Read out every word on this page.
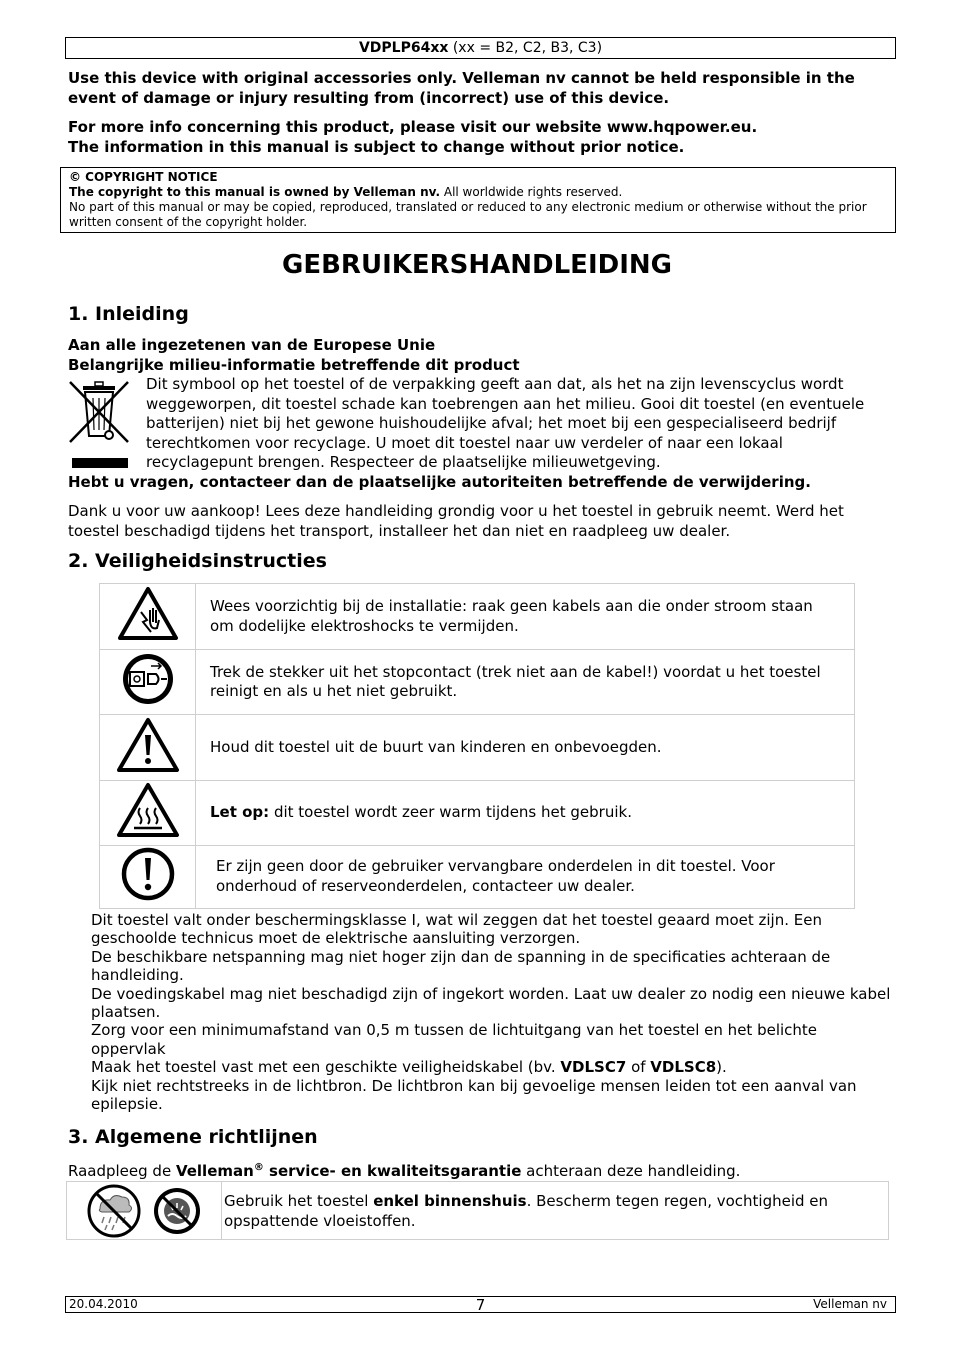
VDPLP64xx (xx = B2, C2, B3, C3)
Use this device with original accessories only. Velleman nv cannot be held responsible in the event of damage or injury resulting from (incorrect) use of this device.
For more info concerning this product, please visit our website www.hqpower.eu.
The information in this manual is subject to change without prior notice.
© COPYRIGHT NOTICE
The copyright to this manual is owned by Velleman nv. All worldwide rights reserved.
No part of this manual or may be copied, reproduced, translated or reduced to any electronic medium or otherwise without the prior written consent of the copyright holder.
GEBRUIKERSHANDLEIDING
1. Inleiding
Aan alle ingezetenen van de Europese Unie
Belangrijke milieu-informatie betreffende dit product
Dit symbool op het toestel of de verpakking geeft aan dat, als het na zijn levenscyclus wordt weggeworpen, dit toestel schade kan toebrengen aan het milieu. Gooi dit toestel (en eventuele batterijen) niet bij het gewone huishoudelijke afval; het moet bij een gespecialiseerd bedrijf terechtkomen voor recyclage. U moet dit toestel naar uw verdeler of naar een lokaal recyclagepunt brengen. Respecteer de plaatselijke milieuwetgeving.
Hebt u vragen, contacteer dan de plaatselijke autoriteiten betreffende de verwijdering.
Dank u voor uw aankoop! Lees deze handleiding grondig voor u het toestel in gebruik neemt. Werd het toestel beschadigd tijdens het transport, installeer het dan niet en raadpleeg uw dealer.
2. Veiligheidsinstructies
	Wees voorzichtig bij de installatie: raak geen kabels aan die onder stroom staan om dodelijke elektroshocks te vermijden.
	Trek de stekker uit het stopcontact (trek niet aan de kabel!) voordat u het toestel reinigt en als u het niet gebruikt.
	Houd dit toestel uit de buurt van kinderen en onbevoegden.
	Let op: dit toestel wordt zeer warm tijdens het gebruik.
	Er zijn geen door de gebruiker vervangbare onderdelen in dit toestel. Voor onderhoud of reserveonderdelen, contacteer uw dealer.
Dit toestel valt onder beschermingsklasse I, wat wil zeggen dat het toestel geaard moet zijn. Een geschoolde technicus moet de elektrische aansluiting verzorgen.
De beschikbare netspanning mag niet hoger zijn dan de spanning in de specificaties achteraan de handleiding.
De voedingskabel mag niet beschadigd zijn of ingekort worden. Laat uw dealer zo nodig een nieuwe kabel plaatsen.
Zorg voor een minimumafstand van 0,5 m tussen de lichtuitgang van het toestel en het belichte oppervlak
Maak het toestel vast met een geschikte veiligheidskabel (bv. VDLSC7 of VDLSC8).
Kijk niet rechtstreeks in de lichtbron. De lichtbron kan bij gevoelige mensen leiden tot een aanval van epilepsie.
3. Algemene richtlijnen
Raadpleeg de Velleman® service- en kwaliteitsgarantie achteraan deze handleiding.
	Gebruik het toestel enkel binnenshuis. Bescherm tegen regen, vochtigheid en opspattende vloeistoffen.
20.04.2010	7	Velleman nv
